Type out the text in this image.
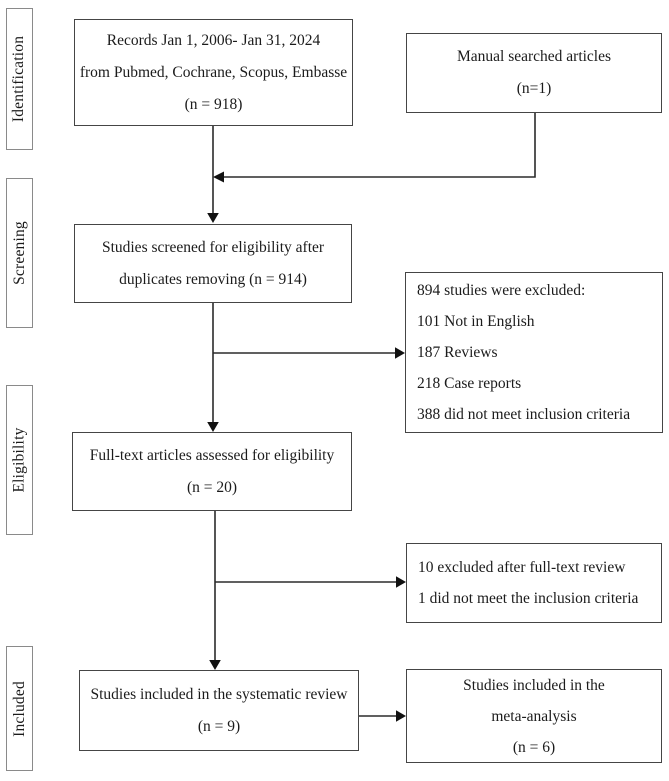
Identification
Screening
Eligibility
Included
Records Jan 1, 2006- Jan 31, 2024
from Pubmed, Cochrane, Scopus, Embasse
(n = 918)
Manual searched articles
(n=1)
Studies screened for eligibility after
duplicates removing (n = 914)
894 studies were excluded:
101 Not in English
187 Reviews
218 Case reports
388 did not meet inclusion criteria
Full-text articles assessed for eligibility
(n = 20)
10 excluded after full-text review
1 did not meet the inclusion criteria
Studies included in the systematic review
(n = 9)
Studies included in the
meta-analysis
(n = 6)
